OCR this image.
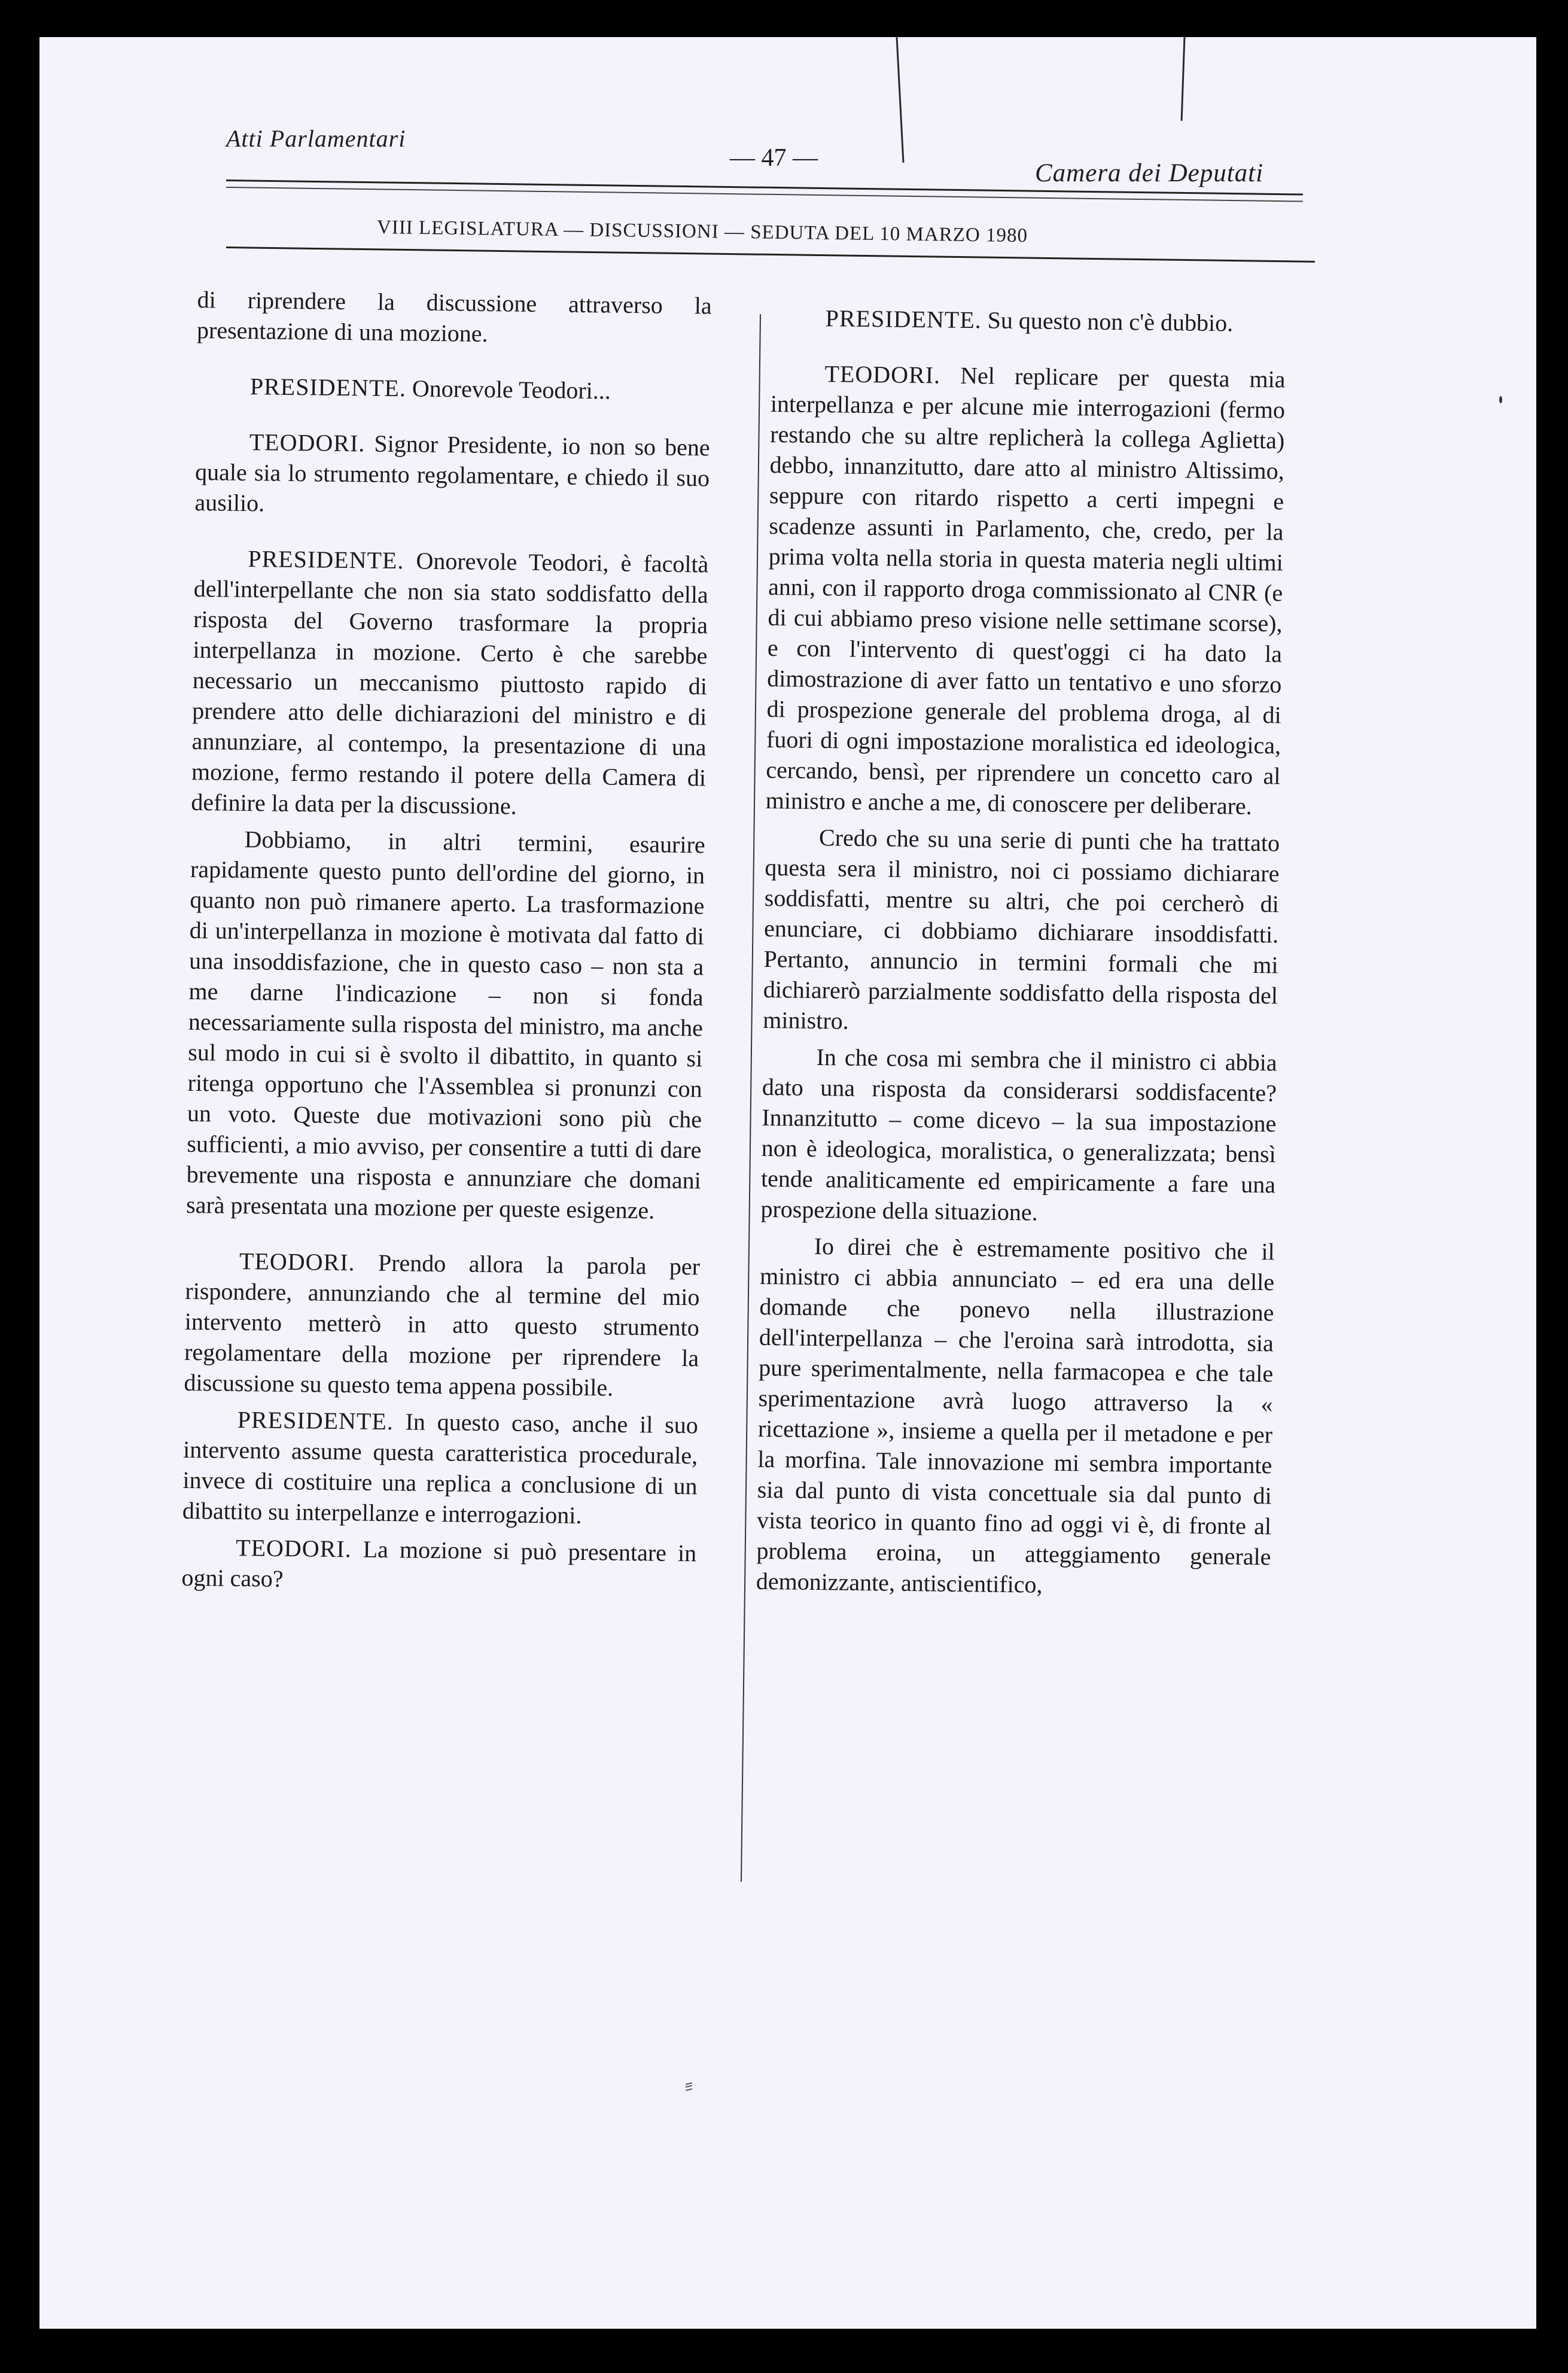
Atti Parlamentari
— 47 —
Camera dei Deputati
VIII LEGISLATURA — DISCUSSIONI — SEDUTA DEL 10 MARZO 1980

di riprendere la discussione attraverso la presentazione di una mozione.

PRESIDENTE. Onorevole Teodori...

TEODORI. Signor Presidente, io non so bene quale sia lo strumento regolamentare, e chiedo il suo ausilio.

PRESIDENTE. Onorevole Teodori, è facoltà dell'interpellante che non sia stato soddisfatto della risposta del Governo trasformare la propria interpellanza in mozione. Certo è che sarebbe necessario un meccanismo piuttosto rapido di prendere atto delle dichiarazioni del ministro e di annunziare, al contempo, la presentazione di una mozione, fermo restando il potere della Camera di definire la data per la discussione.

Dobbiamo, in altri termini, esaurire rapidamente questo punto dell'ordine del giorno, in quanto non può rimanere aperto. La trasformazione di un'interpellanza in mozione è motivata dal fatto di una insoddisfazione, che in questo caso – non sta a me darne l'indicazione – non si fonda necessariamente sulla risposta del ministro, ma anche sul modo in cui si è svolto il dibattito, in quanto si ritenga opportuno che l'Assemblea si pronunzi con un voto. Queste due motivazioni sono più che sufficienti, a mio avviso, per consentire a tutti di dare brevemente una risposta e annunziare che domani sarà presentata una mozione per queste esigenze.

TEODORI. Prendo allora la parola per rispondere, annunziando che al termine del mio intervento metterò in atto questo strumento regolamentare della mozione per riprendere la discussione su questo tema appena possibile.

PRESIDENTE. In questo caso, anche il suo intervento assume questa caratteristica procedurale, invece di costituire una replica a conclusione di un dibattito su interpellanze e interrogazioni.

TEODORI. La mozione si può presentare in ogni caso?

PRESIDENTE. Su questo non c'è dubbio.

TEODORI. Nel replicare per questa mia interpellanza e per alcune mie interrogazioni (fermo restando che su altre replicherà la collega Aglietta) debbo, innanzitutto, dare atto al ministro Altissimo, seppure con ritardo rispetto a certi impegni e scadenze assunti in Parlamento, che, credo, per la prima volta nella storia in questa materia negli ultimi anni, con il rapporto droga commissionato al CNR (e di cui abbiamo preso visione nelle settimane scorse), e con l'intervento di quest'oggi ci ha dato la dimostrazione di aver fatto un tentativo e uno sforzo di prospezione generale del problema droga, al di fuori di ogni impostazione moralistica ed ideologica, cercando, bensì, per riprendere un concetto caro al ministro e anche a me, di conoscere per deliberare.

Credo che su una serie di punti che ha trattato questa sera il ministro, noi ci possiamo dichiarare soddisfatti, mentre su altri, che poi cercherò di enunciare, ci dobbiamo dichiarare insoddisfatti. Pertanto, annuncio in termini formali che mi dichiarerò parzialmente soddisfatto della risposta del ministro.

In che cosa mi sembra che il ministro ci abbia dato una risposta da considerarsi soddisfacente? Innanzitutto – come dicevo – la sua impostazione non è ideologica, moralistica, o generalizzata; bensì tende analiticamente ed empiricamente a fare una prospezione della situazione.

Io direi che è estremamente positivo che il ministro ci abbia annunciato – ed era una delle domande che ponevo nella illustrazione dell'interpellanza – che l'eroina sarà introdotta, sia pure sperimentalmente, nella farmacopea e che tale sperimentazione avrà luogo attraverso la « ricettazione », insieme a quella per il metadone e per la morfina. Tale innovazione mi sembra importante sia dal punto di vista concettuale sia dal punto di vista teorico in quanto fino ad oggi vi è, di fronte al problema eroina, un atteggiamento generale demonizzante, antiscientifico,

ِ ٍ
